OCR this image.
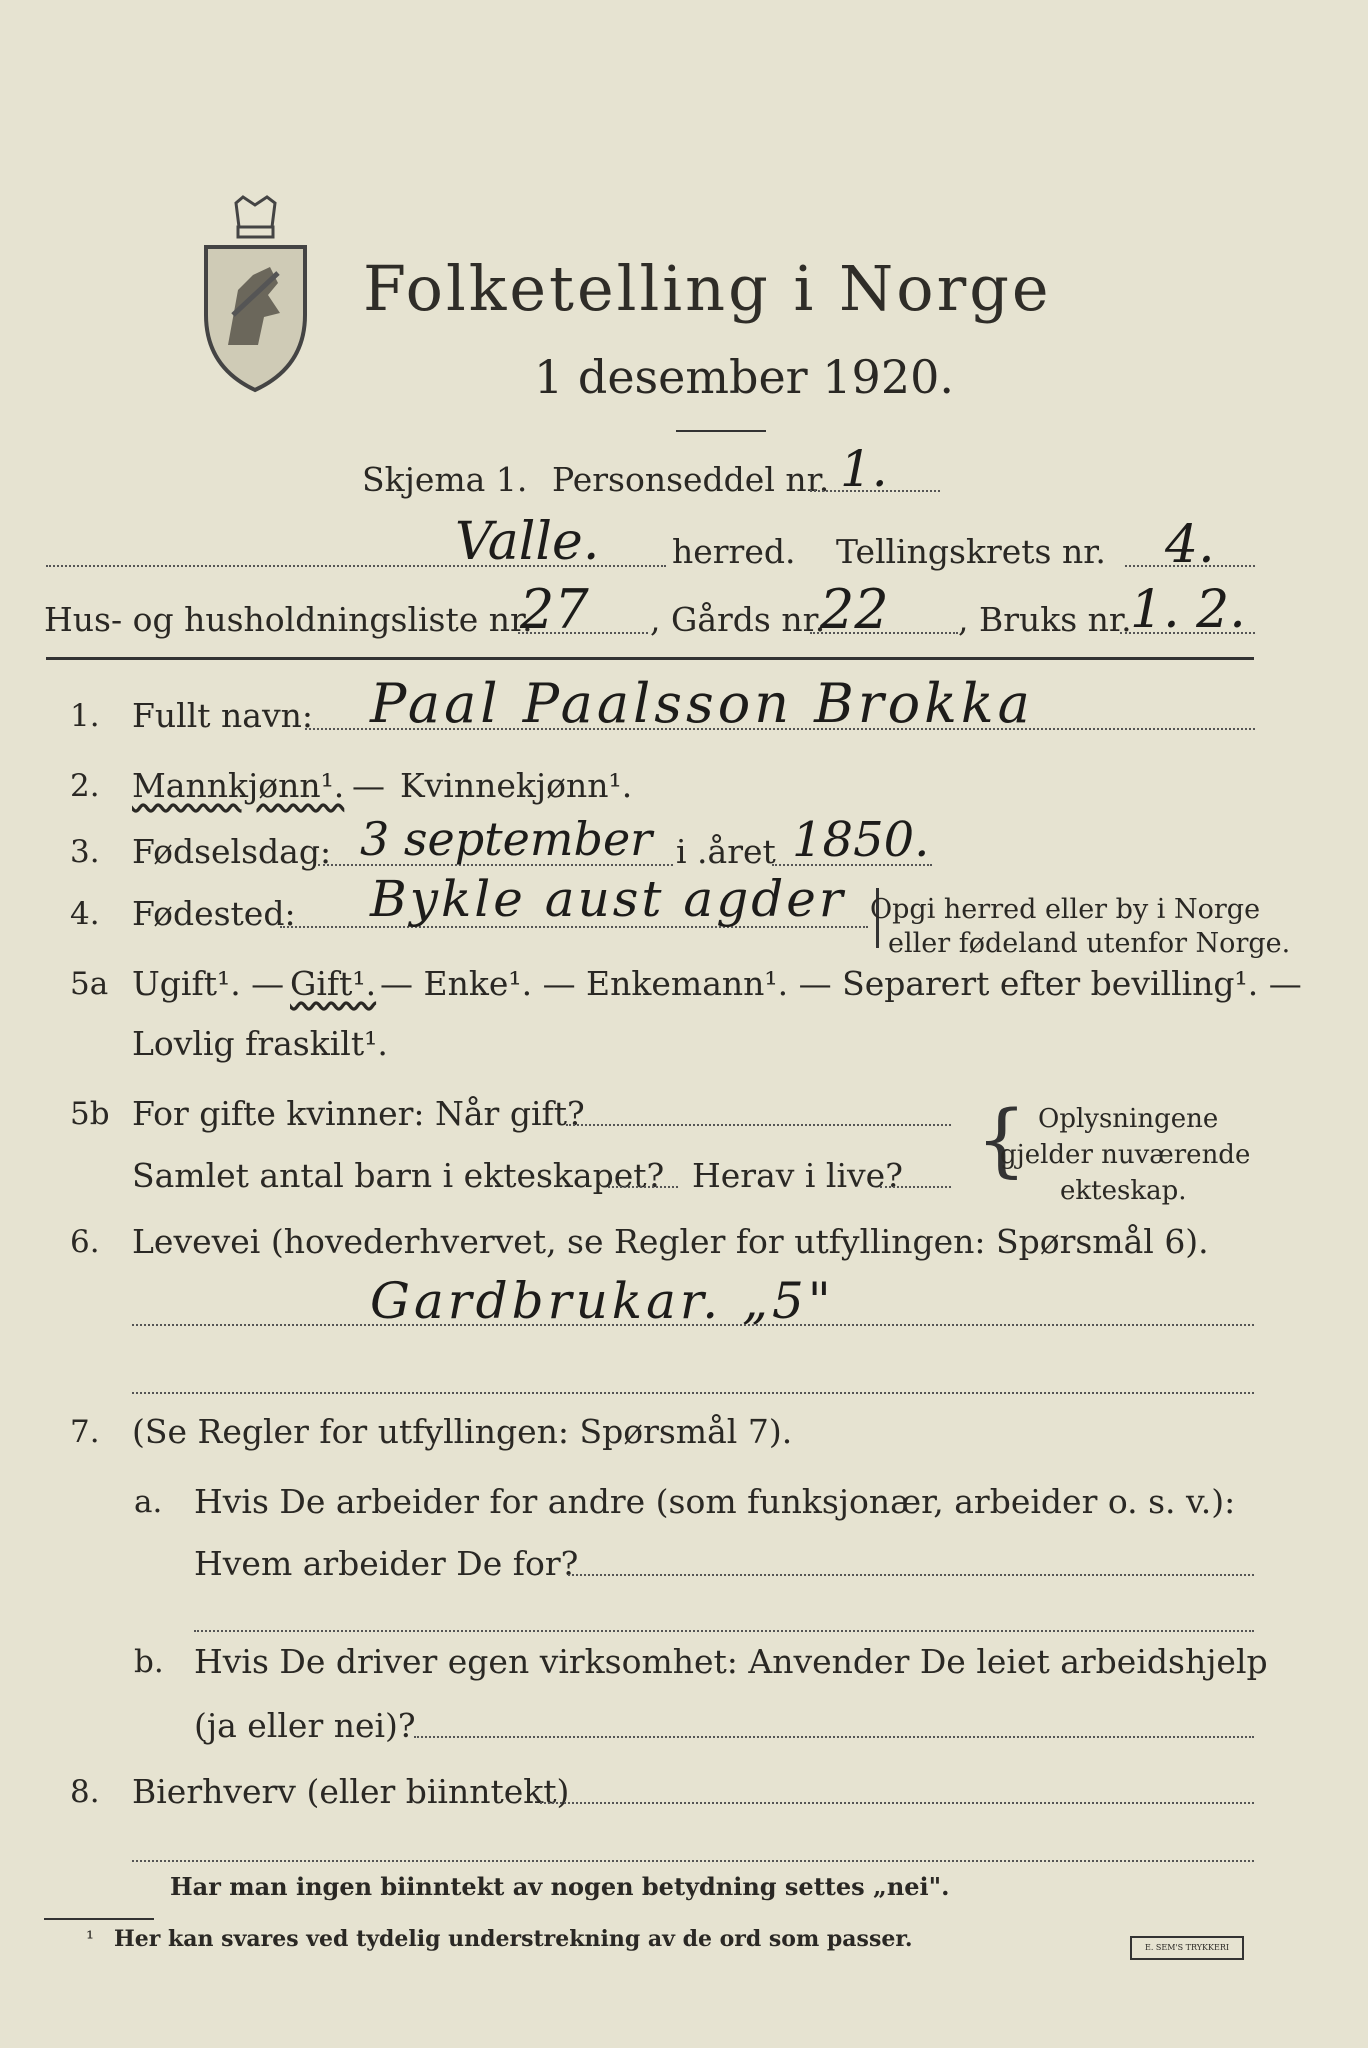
Folketelling i Norge
1 desember 1920.
Skjema 1. Personseddel nr. 1.
Valle. herred. Tellingskrets nr. 4.
Hus- og husholdningsliste nr.
27 , Gårds nr.
22 , Bruks nr.
1. 2.
1. Fullt navn: Paal Paalsson Brokka
2. Mannkjønn¹. — Kvinnekjønn¹.
3. Fødselsdag: 3 september i .året 1850.
4. Fødested: Bykle aust agder Opgi herred eller by i Norge
eller fødeland utenfor Norge.
5a Ugift¹. — Gift¹. — Enke¹. — Enkemann¹. — Separert efter bevilling¹. —
Lovlig fraskilt¹.
5b For gifte kvinner: Når gift?
Samlet antal barn i ekteskapet? Herav i live? { Oplysningene
gjelder nuværende
ekteskap.
6. Levevei (hovederhvervet, se Regler for utfyllingen: Spørsmål 6).
Gardbrukar. „5"
7. (Se Regler for utfyllingen: Spørsmål 7).
a. Hvis De arbeider for andre (som funksjonær, arbeider o. s. v.):
Hvem arbeider De for?
b. Hvis De driver egen virksomhet: Anvender De leiet arbeidshjelp
(ja eller nei)?
8. Bierhverv (eller biinntekt)
Har man ingen biinntekt av nogen betydning settes „nei".
¹ Her kan svares ved tydelig understrekning av de ord som passer.	E. SEM'S TRYKKERI
